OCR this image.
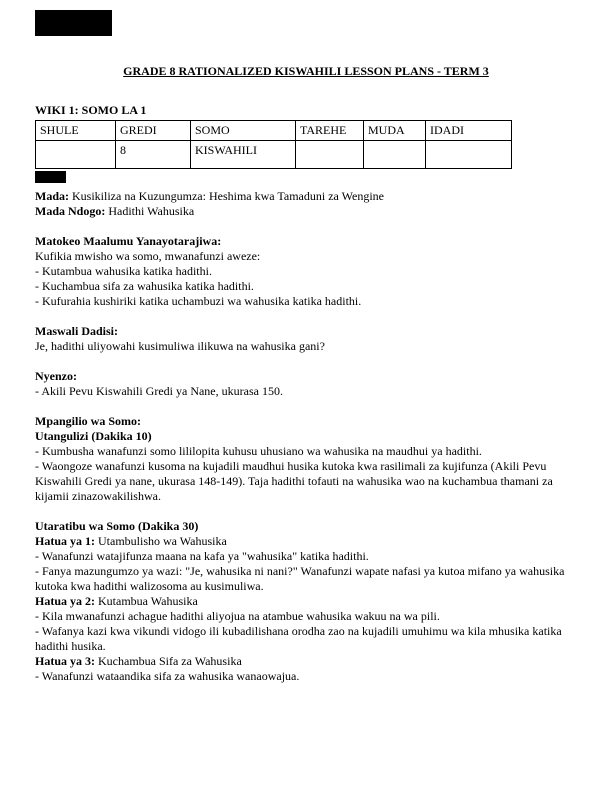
GRADE 8 RATIONALIZED KISWAHILI LESSON PLANS - TERM 3
WIKI 1: SOMO LA 1
SHULE	GREDI	SOMO	TAREHE	MUDA	IDADI
	8	KISWAHILI			

Mada: Kusikiliza na Kuzungumza: Heshima kwa Tamaduni za Wengine

Mada Ndogo: Hadithi Wahusika

Matokeo Maalumu Yanayotarajiwa:

Kufikia mwisho wa somo, mwanafunzi aweze:

- Kutambua wahusika katika hadithi.

- Kuchambua sifa za wahusika katika hadithi.

- Kufurahia kushiriki katika uchambuzi wa wahusika katika hadithi.

Maswali Dadisi:

Je, hadithi uliyowahi kusimuliwa ilikuwa na wahusika gani?

Nyenzo:

- Akili Pevu Kiswahili Gredi ya Nane, ukurasa 150.

Mpangilio wa Somo:

Utangulizi (Dakika 10)

- Kumbusha wanafunzi somo lililopita kuhusu uhusiano wa wahusika na maudhui ya hadithi.

- Waongoze wanafunzi kusoma na kujadili maudhui husika kutoka kwa rasilimali za kujifunza (Akili Pevu Kiswahili Gredi ya nane, ukurasa 148-149). Taja hadithi tofauti na wahusika wao na kuchambua thamani za kijamii zinazowakilishwa.

Utaratibu wa Somo (Dakika 30)

Hatua ya 1: Utambulisho wa Wahusika

- Wanafunzi watajifunza maana na kafa ya "wahusika" katika hadithi.

- Fanya mazungumzo ya wazi: "Je, wahusika ni nani?" Wanafunzi wapate nafasi ya kutoa mifano ya wahusika kutoka kwa hadithi walizosoma au kusimuliwa.

Hatua ya 2: Kutambua Wahusika

- Kila mwanafunzi achague hadithi aliyojua na atambue wahusika wakuu na wa pili.

- Wafanya kazi kwa vikundi vidogo ili kubadilishana orodha zao na kujadili umuhimu wa kila mhusika katika hadithi husika.

Hatua ya 3: Kuchambua Sifa za Wahusika

- Wanafunzi wataandika sifa za wahusika wanaowajua.
